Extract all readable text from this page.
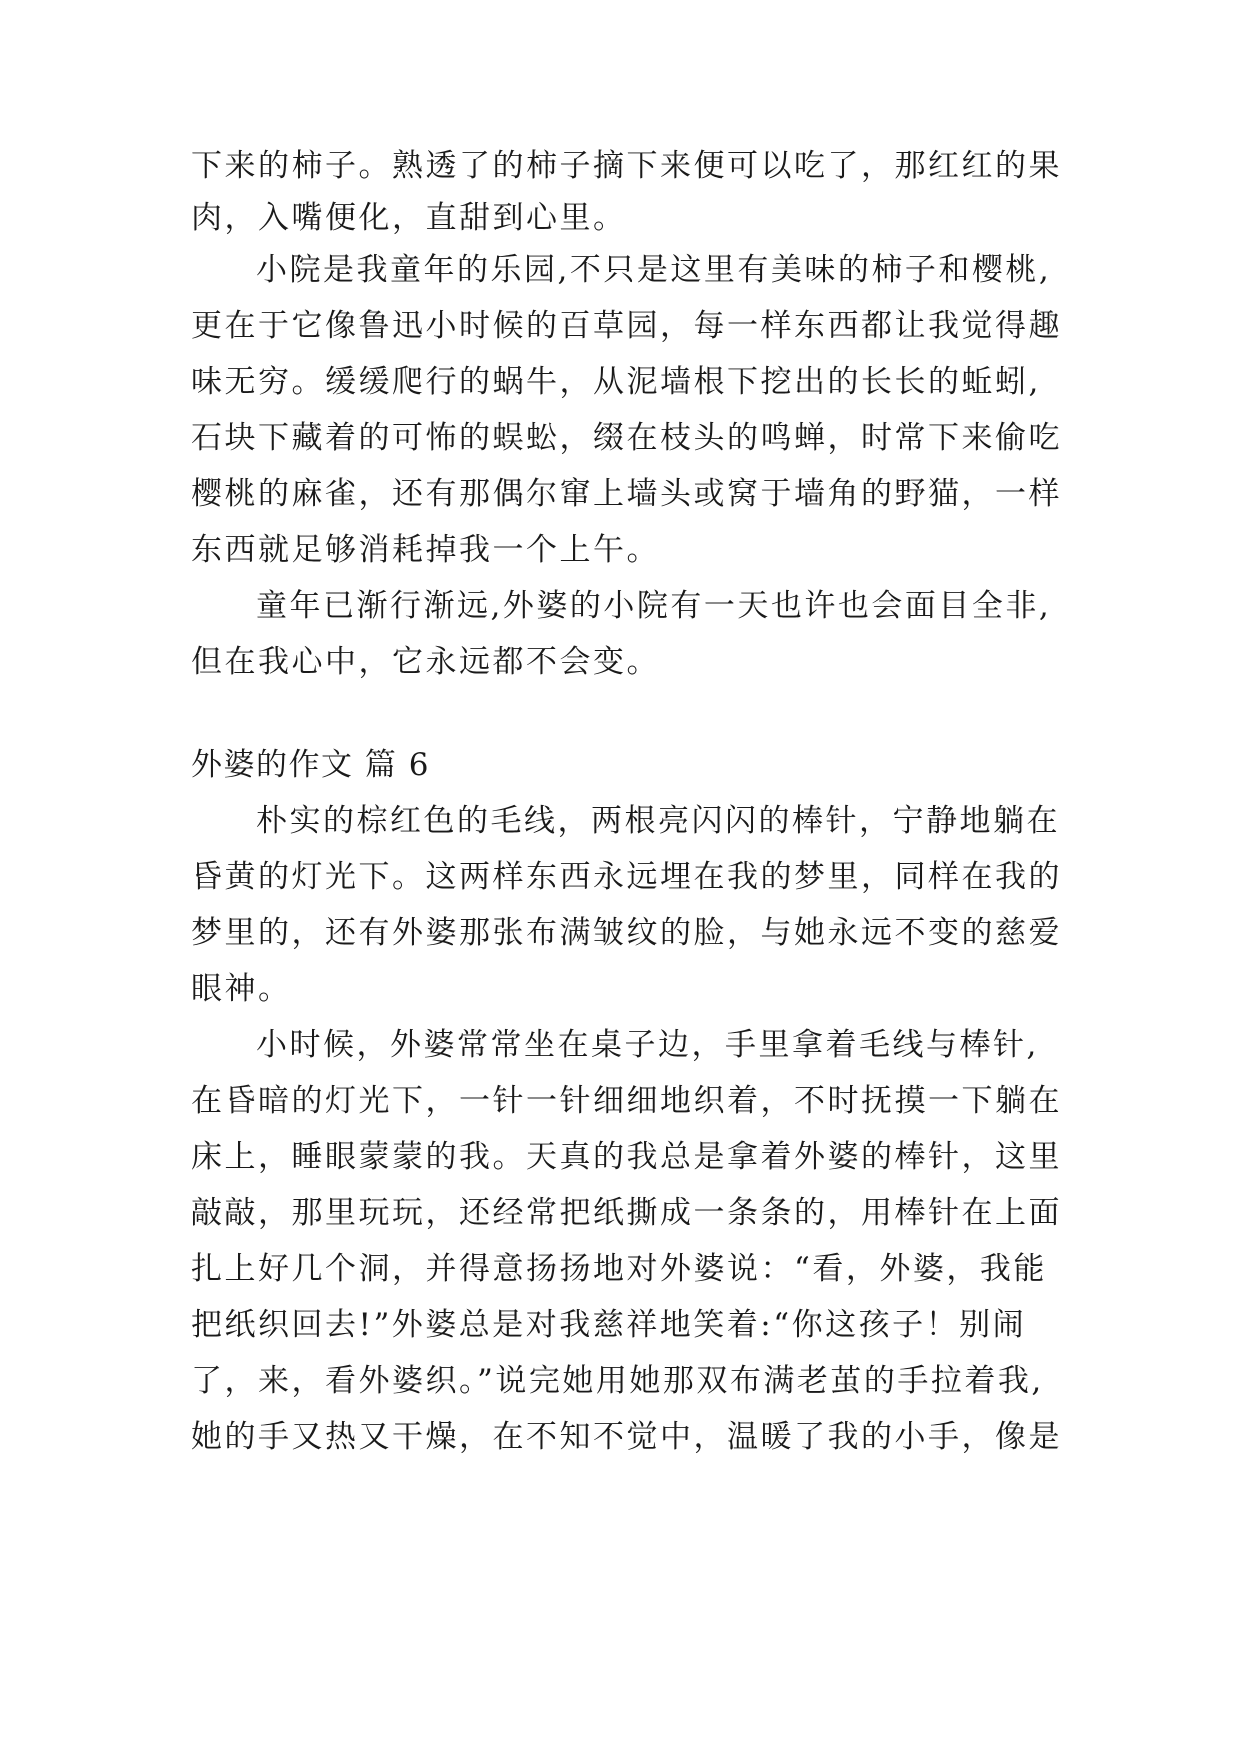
下来的柿子。熟透了的柿子摘下来便可以吃了，那红红的果
肉，入嘴便化，直甜到心里。
小院是我童年的乐园,不只是这里有美味的柿子和樱桃,
更在于它像鲁迅小时候的百草园，每一样东西都让我觉得趣
味无穷。缓缓爬行的蜗牛，从泥墙根下挖出的长长的蚯蚓,
石块下藏着的可怖的蜈蚣，缀在枝头的鸣蝉，时常下来偷吃
樱桃的麻雀，还有那偶尔窜上墙头或窝于墙角的野猫，一样
东西就足够消耗掉我一个上午。
童年已渐行渐远,外婆的小院有一天也许也会面目全非,
但在我心中，它永远都不会变。
外婆的作文 篇 6
朴实的棕红色的毛线，两根亮闪闪的棒针，宁静地躺在
昏黄的灯光下。这两样东西永远埋在我的梦里，同样在我的
梦里的，还有外婆那张布满皱纹的脸，与她永远不变的慈爱
眼神。
小时候，外婆常常坐在桌子边，手里拿着毛线与棒针,
在昏暗的灯光下，一针一针细细地织着，不时抚摸一下躺在
床上，睡眼蒙蒙的我。天真的我总是拿着外婆的棒针，这里
敲敲，那里玩玩，还经常把纸撕成一条条的，用棒针在上面
扎上好几个洞，并得意扬扬地对外婆说：“看，外婆，我能
把纸织回去!”外婆总是对我慈祥地笑着:“你这孩子！别闹
了，来，看外婆织。”说完她用她那双布满老茧的手拉着我,
她的手又热又干燥，在不知不觉中，温暖了我的小手，像是
